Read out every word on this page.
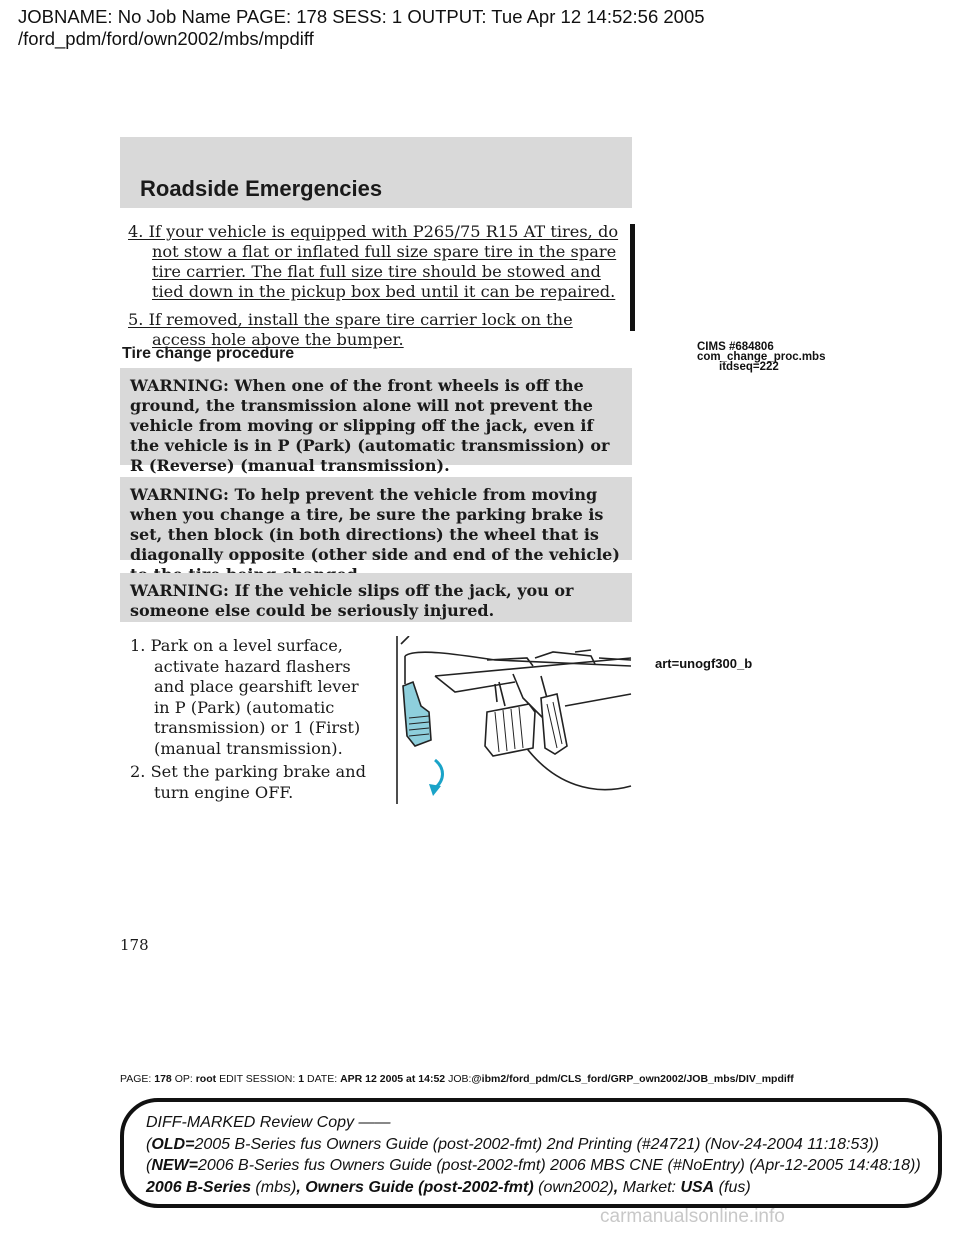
JOBNAME: No Job Name PAGE: 178 SESS: 1 OUTPUT: Tue Apr 12 14:52:56 2005
/ford_pdm/ford/own2002/mbs/mpdiff
Roadside Emergencies
4. If your vehicle is equipped with P265/75 R15 AT tires, do not stow a flat or inflated full size spare tire in the spare tire carrier. The flat full size tire should be stowed and tied down in the pickup box bed until it can be repaired.
5. If removed, install the spare tire carrier lock on the access hole above the bumper.
Tire change procedure	CIMS #684806
com_change_proc.mbs
itdseq=222

WARNING: When one of the front wheels is off the ground, the transmission alone will not prevent the vehicle from moving or slipping off the jack, even if the vehicle is in P (Park) (automatic transmission) or R (Reverse) (manual transmission).

WARNING: To help prevent the vehicle from moving when you change a tire, be sure the parking brake is set, then block (in both directions) the wheel that is diagonally opposite (other side and end of the vehicle)

WARNING: If the vehicle slips off the jack, you or someone else could be seriously injured.

1. Park on a level surface, activate hazard flashers and place gearshift lever in P (Park) (automatic transmission) or 1 (First) (manual transmission).
2. Set the parking brake and turn engine OFF.
art=unogf300_b
178
PAGE: 178 OP: root EDIT SESSION: 1 DATE: APR 12 2005 at 14:52 JOB:@ibm2/ford_pdm/CLS_ford/GRP_own2002/JOB_mbs/DIV_mpdiff
DIFF-MARKED Review Copy ——
(OLD=2005 B-Series fus Owners Guide (post-2002-fmt) 2nd Printing (#24721) (Nov-24-2004 11:18:53))
(NEW=2006 B-Series fus Owners Guide (post-2002-fmt) 2006 MBS CNE (#NoEntry) (Apr-12-2005 14:48:18))
2006 B-Series (mbs), Owners Guide (post-2002-fmt) (own2002), Market: USA (fus)
carmanualsonline.info
